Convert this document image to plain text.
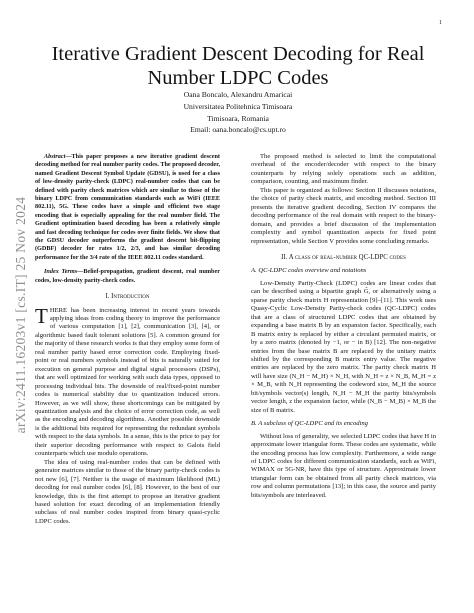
1
arXiv:2411.16203v1 [cs.IT] 25 Nov 2024
Iterative Gradient Descent Decoding for Real Number LDPC Codes
Oana Boncalo, Alexandru Amaricai
Universitatea Politehnica Timisoara
Timisoara, Romania
Email: oana.boncalo@cs.upt.ro

Abstract—This paper proposes a new iterative gradient descent decoding method for real number parity codes. The proposed decoder, named Gradient Descent Symbol Update (GDSU), is used for a class of low-density parity-check (LDPC) real-number codes that can be defined with parity check matrices which are similar to those of the binary LDPC from communication standards such as WiFi (IEEE 802.11), 5G. These codes have a simple and efficient two stage encoding that is especially appealing for the real number field. The Gradient optimization based decoding has been a relatively simple and fast decoding technique for codes over finite fields. We show that the GDSU decoder outperforms the gradient descent bit-flipping (GDBF) decoder for rates 1/2, 2/3, and has similar decoding performance for the 3/4 rate of the IEEE 802.11 codes standard.

Index Terms—Belief-propagation, gradient descent, real number codes, low-density parity-check codes.

I. Introduction

THERE has been increasing interest in recent years towards applying ideas from coding theory to improve the performance of various computation [1], [2], communication [3], [4], or algorithmic based fault tolerant solutions [5]. A common ground for the majority of these research works is that they employ some form of real number parity based error correction code. Employing fixed-point or real numbers symbols instead of bits is naturally suited for execution on general purpose and digital signal processors (DSPs), that are well optimized for working with such data types, opposed to processing individual bits. The downside of real/fixed-point number codes is numerical stability due to quantization induced errors. However, as we will show, these shortcomings can be mitigated by quantization analysis and the choice of error correction code, as well as the encoding and decoding algorithms. Another possible downside is the additional bits required for representing the redundant symbols with respect to the data symbols. In a sense, this is the price to pay for their superior decoding performance with respect to Galois field counterparts which use modulo operations.

The idea of using real-number codes that can be defined with generator matrices similar to those of the binary parity-check codes is not new [6], [7]. Neither is the usage of maximum likelihood (ML) decoding for real number codes [6], [8]. However, to the best of our knowledge, this is the first attempt to propose an iterative gradient based solution for exact decoding of an implementation friendly subclass of real number codes inspired from binary quasi-cyclic LDPC codes.

The proposed method is selected to limit the computational overhead of the encoder/decoder with respect to the binary counterparts by relying solely operations such as addition, comparison, counting, and maximum finder.

This paper is organized as follows: Section II discusses notations, the choice of parity check matrix, and encoding method. Section III presents the iterative gradient decoding, Section IV compares the decoding performance of the real domain with respect to the binary-domain, and provides a brief discussion of the implementation complexity and symbol quantization aspects for fixed point representation, while Section V provides some concluding remarks.

II. A class of real-number QC-LDPC codes

A. QC-LDPC codes overview and notations

Low-Density Parity-Check (LDPC) codes are linear codes that can be described using a bipartite graph G̃, or alternatively using a sparse parity check matrix H representation [9]–[11]. This work uses Quasy-Cyclic Low-Density Parity-check codes (QC-LDPC) codes that are a class of structured LDPC codes that are obtained by expanding a base matrix B by an expansion factor. Specifically, each B matrix entry is replaced by either a circulant permuted matrix, or by a zero matrix (denoted by −1, or − in B) [12]. The non-negative entries from the base matrix B are replaced by the unitary matrix shifted by the corresponding B matrix entry value. The negative entries are replaced by the zero matrix. The parity check matrix H will have size (N_H − M_H) × N_H, with N_H = z × N_B, M_H = z × M_B, with N_H representing the codeword size, M_H the source bit/symbols vector(s) length, N_H − M_H the parity bits/symbols vector length, z the expansion factor, while (N_B − M_B) × M_B the size of B matrix.

B. A subclass of QC-LDPC and its encoding

Without loss of generality, we selected LDPC codes that have H in approximate lower triangular form. These codes are systematic, while the encoding process has low complexity. Furthermore, a wide range of LDPC codes for different communication standards, such as WiFi, WIMAX or 5G-NR, have this type of structure. Approximate lower triangular form can be obtained from all parity check matrices, via row and column permutations [13]; in this case, the source and parity bits/symbols are interleaved.
